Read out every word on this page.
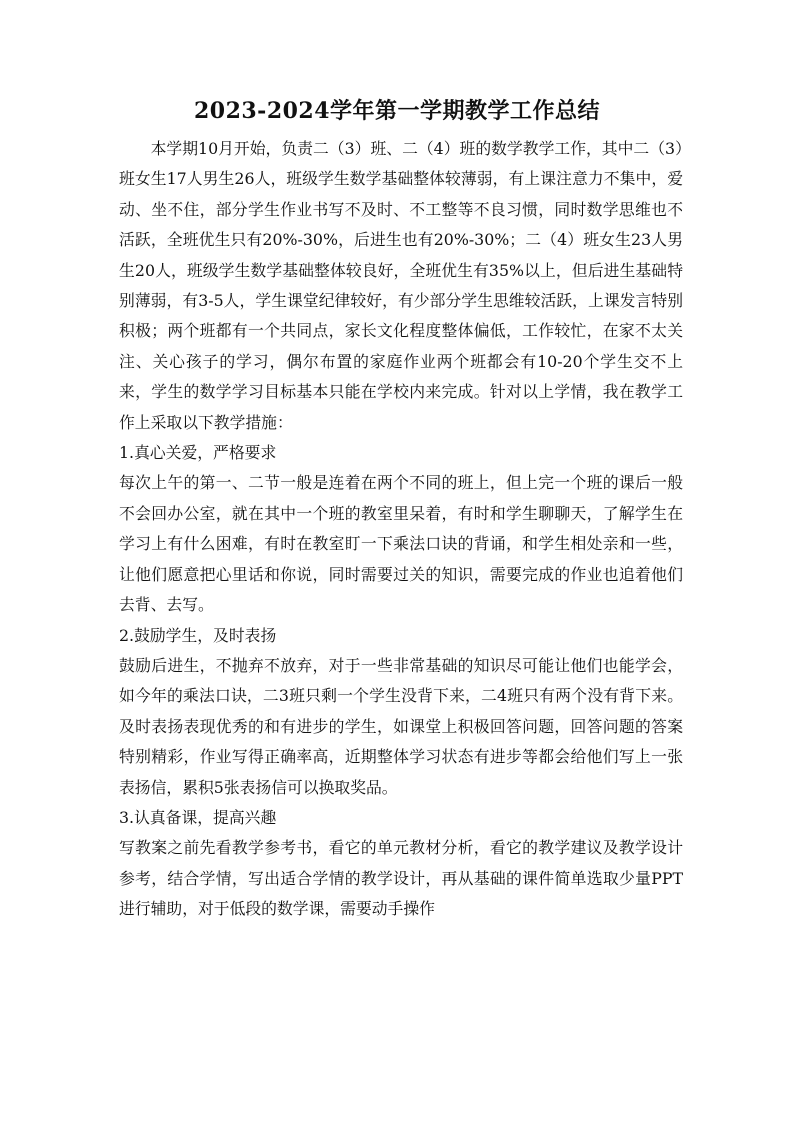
2023-2024学年第一学期教学工作总结

本学期10月开始，负责二（3）班、二（4）班的数学教学工作，其中二（3）班女生17人男生26人，班级学生数学基础整体较薄弱，有上课注意力不集中，爱动、坐不住，部分学生作业书写不及时、不工整等不良习惯，同时数学思维也不活跃，全班优生只有20%-30%，后进生也有20%-30%；二（4）班女生23人男生20人，班级学生数学基础整体较良好，全班优生有35%以上，但后进生基础特别薄弱，有3-5人，学生课堂纪律较好，有少部分学生思维较活跃，上课发言特别积极；两个班都有一个共同点，家长文化程度整体偏低，工作较忙，在家不太关注、关心孩子的学习，偶尔布置的家庭作业两个班都会有10-20个学生交不上来，学生的数学学习目标基本只能在学校内来完成。针对以上学情，我在教学工作上采取以下教学措施：

1.真心关爱，严格要求

每次上午的第一、二节一般是连着在两个不同的班上，但上完一个班的课后一般不会回办公室，就在其中一个班的教室里呆着，有时和学生聊聊天，了解学生在学习上有什么困难，有时在教室盯一下乘法口诀的背诵，和学生相处亲和一些，让他们愿意把心里话和你说，同时需要过关的知识，需要完成的作业也追着他们去背、去写。

2.鼓励学生，及时表扬

鼓励后进生，不抛弃不放弃，对于一些非常基础的知识尽可能让他们也能学会，如今年的乘法口诀，二3班只剩一个学生没背下来，二4班只有两个没有背下来。及时表扬表现优秀的和有进步的学生，如课堂上积极回答问题，回答问题的答案特别精彩，作业写得正确率高，近期整体学习状态有进步等都会给他们写上一张表扬信，累积5张表扬信可以换取奖品。

3.认真备课，提高兴趣

写教案之前先看教学参考书，看它的单元教材分析，看它的教学建议及教学设计参考，结合学情，写出适合学情的教学设计，再从基础的课件简单选取少量PPT进行辅助，对于低段的数学课，需要动手操作
